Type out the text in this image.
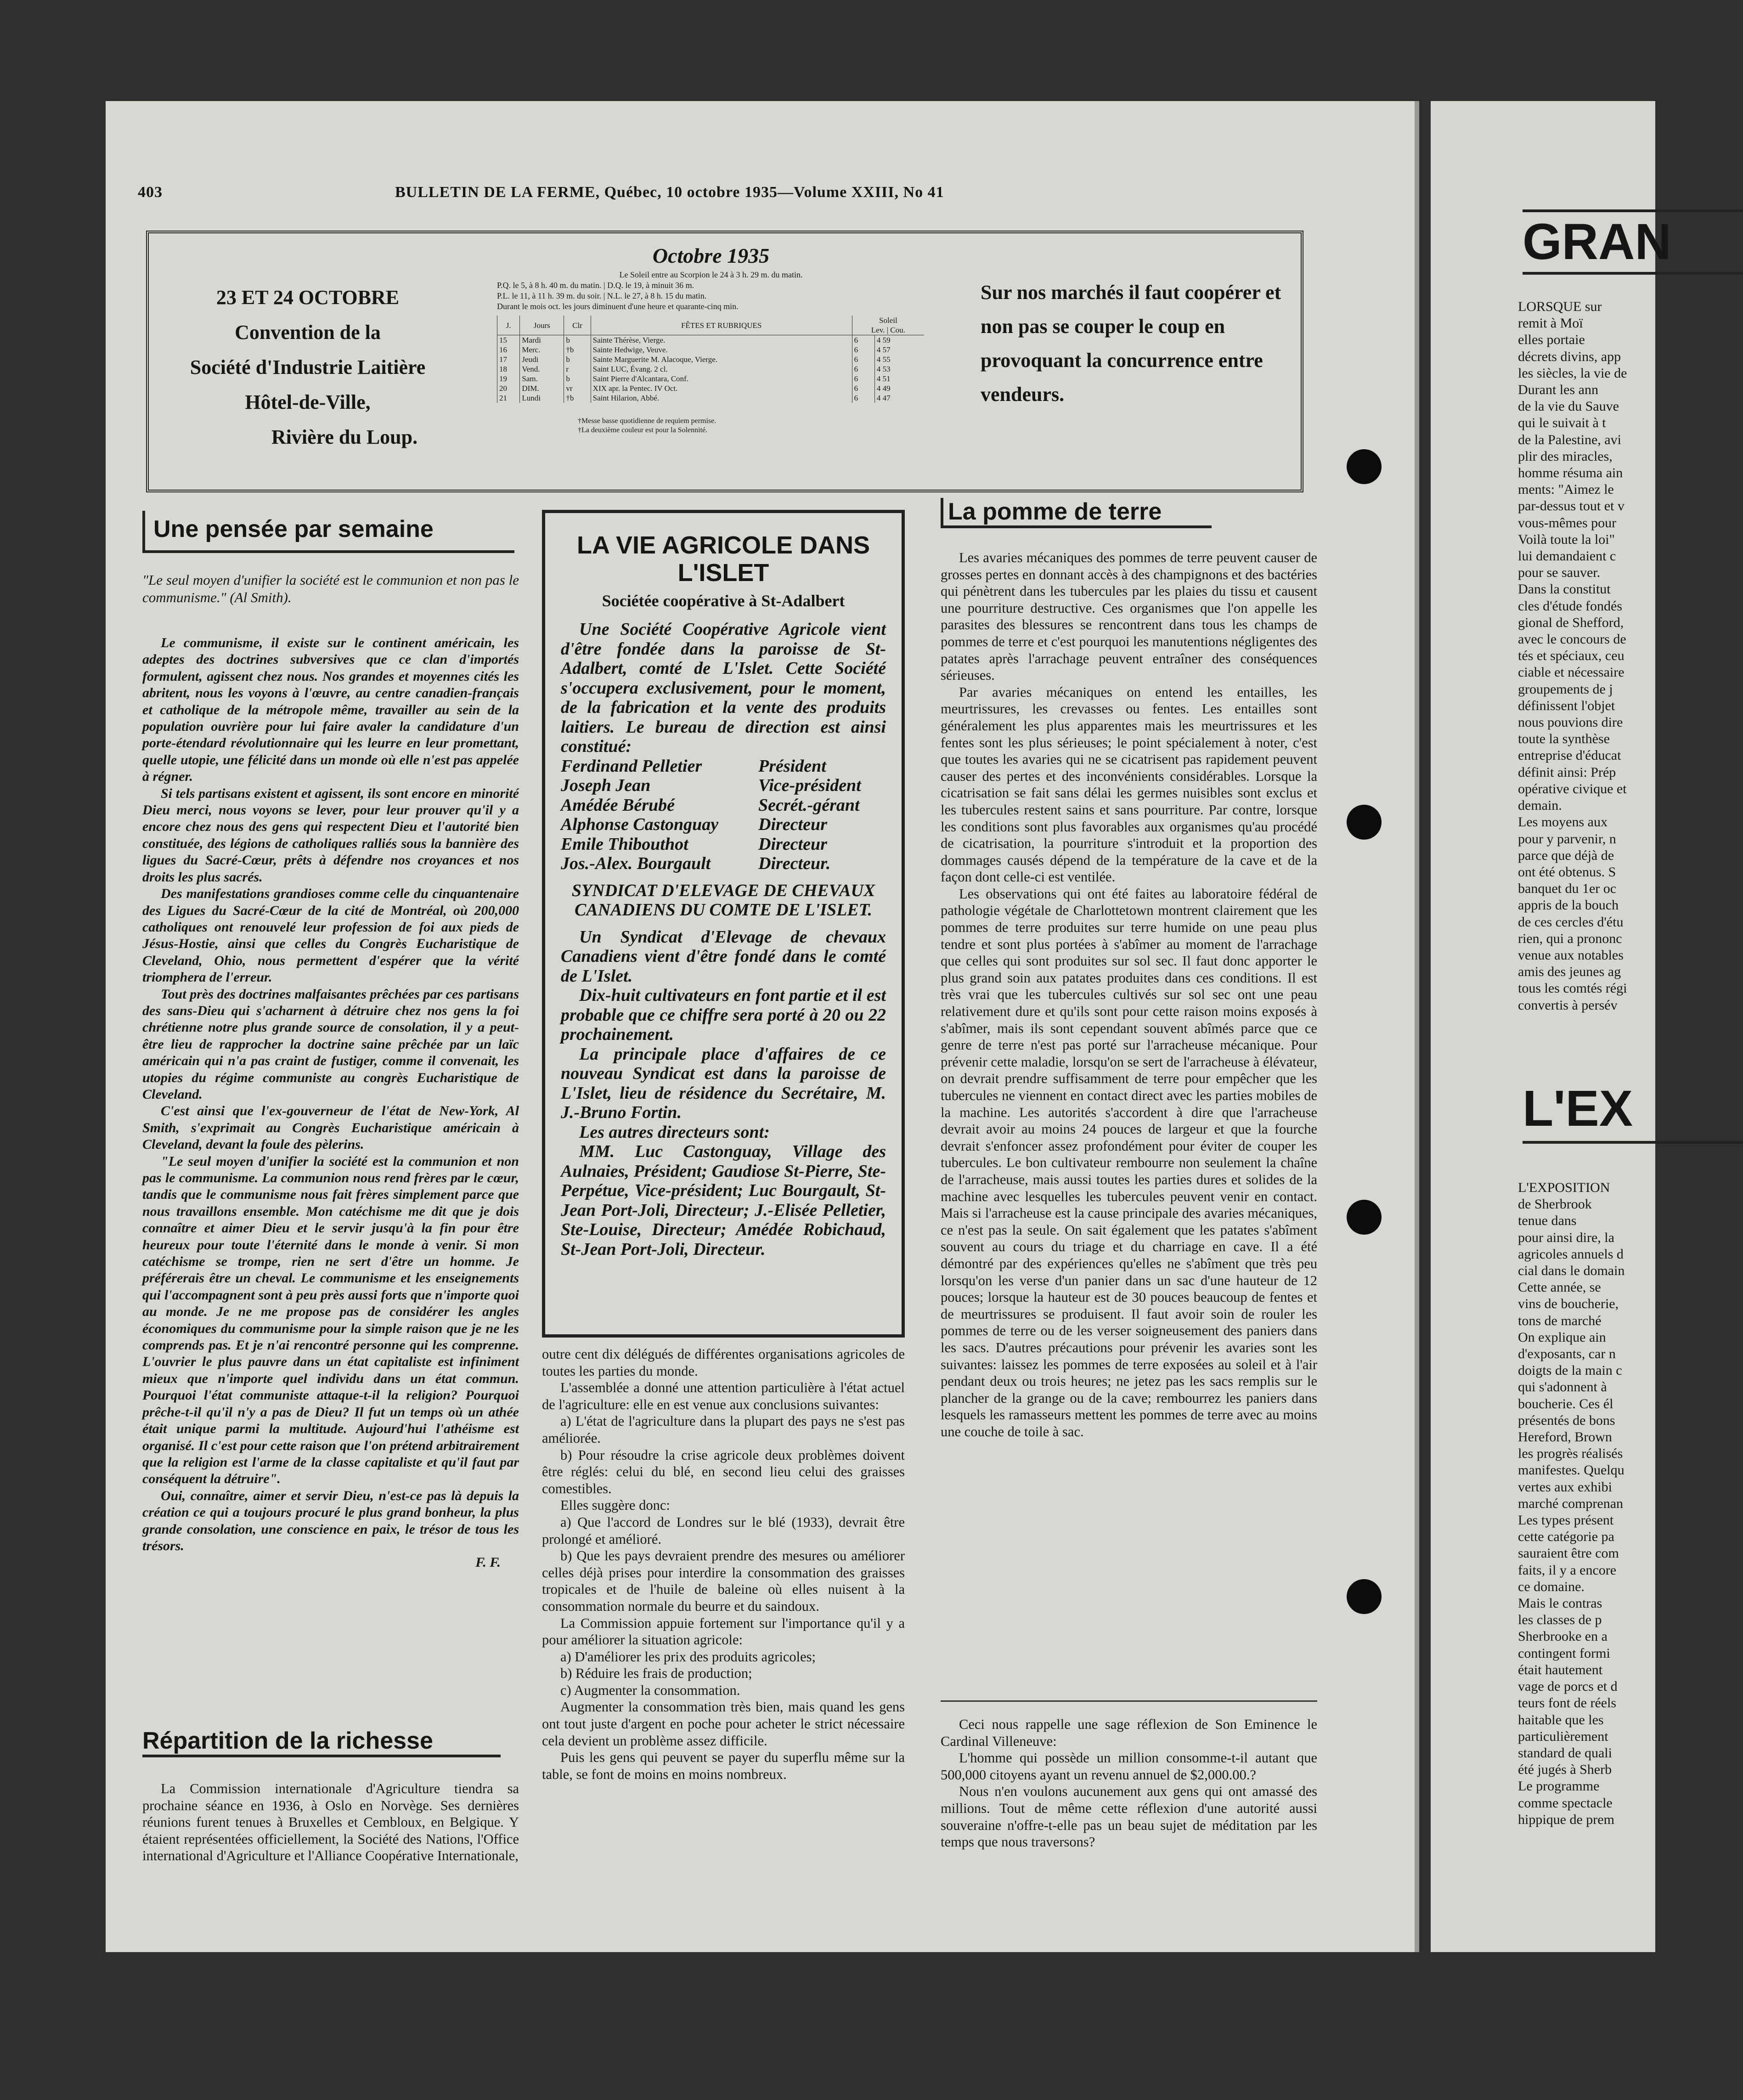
403	BULLETIN DE LA FERME, Québec, 10 octobre 1935—Volume XXIII, No 41
23 ET 24 OCTOBRE
Convention de la
Société d'Industrie Laitière
Hôtel-de-Ville,
Rivière du Loup.
Octobre 1935
Le Soleil entre au Scorpion le 24 à 3 h. 29 m. du matin.
P.Q. le 5, à 8 h. 40 m. du matin. | D.Q. le 19, à minuit 36 m.
P.L. le 11, à 11 h. 39 m. du soir. | N.L. le 27, à 8 h. 15 du matin.
Durant le mois oct. les jours diminuent d'une heure et quarante-cinq min.
J.	Jours	Clr	FÊTES ET RUBRIQUES	Soleil
Lev. | Cou.	
15	Mardi	b	Sainte Thérèse, Vierge.	6	4 59
16	Merc.	†b	Sainte Hedwige, Veuve.	6	4 57
17	Jeudi	b	Sainte Marguerite M. Alacoque, Vierge.	6	4 55
18	Vend.	r	Saint LUC, Évang. 2 cl.	6	4 53
19	Sam.	b	Saint Pierre d'Alcantara, Conf.	6	4 51
20	DIM.	vr	XIX apr. la Pentec. IV Oct.	6	4 49
21	Lundi	†b	Saint Hilarion, Abbé.	6	4 47
†Messe basse quotidienne de requiem permise.
†La deuxième couleur est pour la Solennité.
Sur nos marchés il faut coopérer et non pas se couper le coup en provoquant la concurrence entre vendeurs.
Une pensée par semaine
"Le seul moyen d'unifier la société est le communion et non pas le communisme." (Al Smith).

Le communisme, il existe sur le continent américain, les adeptes des doctrines subversives que ce clan d'importés formulent, agissent chez nous. Nos grandes et moyennes cités les abritent, nous les voyons à l'œuvre, au centre canadien-français et catholique de la métropole même, travailler au sein de la population ouvrière pour lui faire avaler la candidature d'un porte-étendard révolutionnaire qui les leurre en leur promettant, quelle utopie, une félicité dans un monde où elle n'est pas appelée à régner.

Si tels partisans existent et agissent, ils sont encore en minorité Dieu merci, nous voyons se lever, pour leur prouver qu'il y a encore chez nous des gens qui respectent Dieu et l'autorité bien constituée, des légions de catholiques ralliés sous la bannière des ligues du Sacré-Cœur, prêts à défendre nos croyances et nos droits les plus sacrés.

Des manifestations grandioses comme celle du cinquantenaire des Ligues du Sacré-Cœur de la cité de Montréal, où 200,000 catholiques ont renouvelé leur profession de foi aux pieds de Jésus-Hostie, ainsi que celles du Congrès Eucharistique de Cleveland, Ohio, nous permettent d'espérer que la vérité triomphera de l'erreur.

Tout près des doctrines malfaisantes prêchées par ces partisans des sans-Dieu qui s'acharnent à détruire chez nos gens la foi chrétienne notre plus grande source de consolation, il y a peut-être lieu de rapprocher la doctrine saine prêchée par un laïc américain qui n'a pas craint de fustiger, comme il convenait, les utopies du régime communiste au congrès Eucharistique de Cleveland.

C'est ainsi que l'ex-gouverneur de l'état de New-York, Al Smith, s'exprimait au Congrès Eucharistique américain à Cleveland, devant la foule des pèlerins.

"Le seul moyen d'unifier la société est la communion et non pas le communisme. La communion nous rend frères par le cœur, tandis que le communisme nous fait frères simplement parce que nous travaillons ensemble. Mon catéchisme me dit que je dois connaître et aimer Dieu et le servir jusqu'à la fin pour être heureux pour toute l'éternité dans le monde à venir. Si mon catéchisme se trompe, rien ne sert d'être un homme. Je préférerais être un cheval. Le communisme et les enseignements qui l'accompagnent sont à peu près aussi forts que n'importe quoi au monde. Je ne me propose pas de considérer les angles économiques du communisme pour la simple raison que je ne les comprends pas. Et je n'ai rencontré personne qui les comprenne. L'ouvrier le plus pauvre dans un état capitaliste est infiniment mieux que n'importe quel individu dans un état commun. Pourquoi l'état communiste attaque-t-il la religion? Pourquoi prêche-t-il qu'il n'y a pas de Dieu? Il fut un temps où un athée était unique parmi la multitude. Aujourd'hui l'athéisme est organisé. Il c'est pour cette raison que l'on prétend arbitrairement que la religion est l'arme de la classe capitaliste et qu'il faut par conséquent la détruire".

Oui, connaître, aimer et servir Dieu, n'est-ce pas là depuis la création ce qui a toujours procuré le plus grand bonheur, la plus grande consolation, une conscience en paix, le trésor de tous les trésors.

F. F.
Répartition de la richesse

La Commission internationale d'Agriculture tiendra sa prochaine séance en 1936, à Oslo en Norvège. Ses dernières réunions furent tenues à Bruxelles et Cembloux, en Belgique. Y étaient représentées officiellement, la Société des Nations, l'Office international d'Agriculture et l'Alliance Coopérative Internationale,

LA VIE AGRICOLE DANS L'ISLET
Sociétée coopérative à St-Adalbert

Une Société Coopérative Agricole vient d'être fondée dans la paroisse de St-Adalbert, comté de L'Islet. Cette Société s'occupera exclusivement, pour le moment, de la fabrication et la vente des produits laitiers. Le bureau de direction est ainsi constitué:

Ferdinand Pelletier	Président
Joseph Jean	Vice-président
Amédée Bérubé	Secrét.-gérant
Alphonse Castonguay	Directeur
Emile Thibouthot	Directeur
Jos.-Alex. Bourgault	Directeur.
SYNDICAT D'ELEVAGE DE CHEVAUX CANADIENS DU COMTE DE L'ISLET.

Un Syndicat d'Elevage de chevaux Canadiens vient d'être fondé dans le comté de L'Islet.

Dix-huit cultivateurs en font partie et il est probable que ce chiffre sera porté à 20 ou 22 prochainement.

La principale place d'affaires de ce nouveau Syndicat est dans la paroisse de L'Islet, lieu de résidence du Secrétaire, M. J.-Bruno Fortin.

Les autres directeurs sont:

MM. Luc Castonguay, Village des Aulnaies, Président; Gaudiose St-Pierre, Ste-Perpétue, Vice-président; Luc Bourgault, St-Jean Port-Joli, Directeur; J.-Elisée Pelletier, Ste-Louise, Directeur; Amédée Robichaud, St-Jean Port-Joli, Directeur.

outre cent dix délégués de différentes organisations agricoles de toutes les parties du monde.

L'assemblée a donné une attention particulière à l'état actuel de l'agriculture: elle en est venue aux conclusions suivantes:

a) L'état de l'agriculture dans la plupart des pays ne s'est pas améliorée.

b) Pour résoudre la crise agricole deux problèmes doivent être réglés: celui du blé, en second lieu celui des graisses comestibles.

Elles suggère donc:

a) Que l'accord de Londres sur le blé (1933), devrait être prolongé et amélioré.

b) Que les pays devraient prendre des mesures ou améliorer celles déjà prises pour interdire la consommation des graisses tropicales et de l'huile de baleine où elles nuisent à la consommation normale du beurre et du saindoux.

La Commission appuie fortement sur l'importance qu'il y a pour améliorer la situation agricole:

a) D'améliorer les prix des produits agricoles;

b) Réduire les frais de production;

c) Augmenter la consommation.

Augmenter la consommation très bien, mais quand les gens ont tout juste d'argent en poche pour acheter le strict nécessaire cela devient un problème assez difficile.

Puis les gens qui peuvent se payer du superflu même sur la table, se font de moins en moins nombreux.

La pomme de terre

Les avaries mécaniques des pommes de terre peuvent causer de grosses pertes en donnant accès à des champignons et des bactéries qui pénètrent dans les tubercules par les plaies du tissu et causent une pourriture destructive. Ces organismes que l'on appelle les parasites des blessures se rencontrent dans tous les champs de pommes de terre et c'est pourquoi les manutentions négligentes des patates après l'arrachage peuvent entraîner des conséquences sérieuses.

Par avaries mécaniques on entend les entailles, les meurtrissures, les crevasses ou fentes. Les entailles sont généralement les plus apparentes mais les meurtrissures et les fentes sont les plus sérieuses; le point spécialement à noter, c'est que toutes les avaries qui ne se cicatrisent pas rapidement peuvent causer des pertes et des inconvénients considérables. Lorsque la cicatrisation se fait sans délai les germes nuisibles sont exclus et les tubercules restent sains et sans pourriture. Par contre, lorsque les conditions sont plus favorables aux organismes qu'au procédé de cicatrisation, la pourriture s'introduit et la proportion des dommages causés dépend de la température de la cave et de la façon dont celle-ci est ventilée.

Les observations qui ont été faites au laboratoire fédéral de pathologie végétale de Charlottetown montrent clairement que les pommes de terre produites sur terre humide on une peau plus tendre et sont plus portées à s'abîmer au moment de l'arrachage que celles qui sont produites sur sol sec. Il faut donc apporter le plus grand soin aux patates produites dans ces conditions. Il est très vrai que les tubercules cultivés sur sol sec ont une peau relativement dure et qu'ils sont pour cette raison moins exposés à s'abîmer, mais ils sont cependant souvent abîmés parce que ce genre de terre n'est pas porté sur l'arracheuse mécanique. Pour prévenir cette maladie, lorsqu'on se sert de l'arracheuse à élévateur, on devrait prendre suffisamment de terre pour empêcher que les tubercules ne viennent en contact direct avec les parties mobiles de la machine. Les autorités s'accordent à dire que l'arracheuse devrait avoir au moins 24 pouces de largeur et que la fourche devrait s'enfoncer assez profondément pour éviter de couper les tubercules. Le bon cultivateur rembourre non seulement la chaîne de l'arracheuse, mais aussi toutes les parties dures et solides de la machine avec lesquelles les tubercules peuvent venir en contact. Mais si l'arracheuse est la cause principale des avaries mécaniques, ce n'est pas la seule. On sait également que les patates s'abîment souvent au cours du triage et du charriage en cave. Il a été démontré par des expériences qu'elles ne s'abîment que très peu lorsqu'on les verse d'un panier dans un sac d'une hauteur de 12 pouces; lorsque la hauteur est de 30 pouces beaucoup de fentes et de meurtrissures se produisent. Il faut avoir soin de rouler les pommes de terre ou de les verser soigneusement des paniers dans les sacs. D'autres précautions pour prévenir les avaries sont les suivantes: laissez les pommes de terre exposées au soleil et à l'air pendant deux ou trois heures; ne jetez pas les sacs remplis sur le plancher de la grange ou de la cave; rembourrez les paniers dans lesquels les ramasseurs mettent les pommes de terre avec au moins une couche de toile à sac.

Ceci nous rappelle une sage réflexion de Son Eminence le Cardinal Villeneuve:

L'homme qui possède un million consomme-t-il autant que 500,000 citoyens ayant un revenu annuel de $2,000.00.?

Nous n'en voulons aucunement aux gens qui ont amassé des millions. Tout de même cette réflexion d'une autorité aussi souveraine n'offre-t-elle pas un beau sujet de méditation par les temps que nous traversons?

GRAN
LORSQUE sur
remit à Moï
elles portaie
décrets divins, app
les siècles, la vie de
Durant les ann
de la vie du Sauve
qui le suivait à t
de la Palestine, avi
plir des miracles,
homme résuma ain
ments: "Aimez le
par-dessus tout et v
vous-mêmes pour
Voilà toute la loi"
lui demandaient c
pour se sauver.
Dans la constitut
cles d'étude fondés
gional de Shefford,
avec le concours de
tés et spéciaux, ceu
ciable et nécessaire
groupements de j
définissent l'objet
nous pouvions dire
toute la synthèse
entreprise d'éducat
définit ainsi: Prép
opérative civique et
demain.
Les moyens aux
pour y parvenir, n
parce que déjà de
ont été obtenus. S
banquet du 1er oc
appris de la bouch
de ces cercles d'étu
rien, qui a prononc
venue aux notables
amis des jeunes ag
tous les comtés régi
convertis à persév
L'EX
L'EXPOSITION
de Sherbrook
tenue dans
pour ainsi dire, la
agricoles annuels d
cial dans le domain
Cette année, se
vins de boucherie,
tons de marché
On explique ain
d'exposants, car n
doigts de la main c
qui s'adonnent à
boucherie. Ces él
présentés de bons
Hereford, Brown
les progrès réalisés
manifestes. Quelqu
vertes aux exhibi
marché comprenan
Les types présent
cette catégorie pa
sauraient être com
faits, il y a encore
ce domaine.
Mais le contras
les classes de p
Sherbrooke en a
contingent formi
était hautement
vage de porcs et d
teurs font de réels
haitable que les
particulièrement
standard de quali
été jugés à Sherb
Le programme
comme spectacle
hippique de prem
